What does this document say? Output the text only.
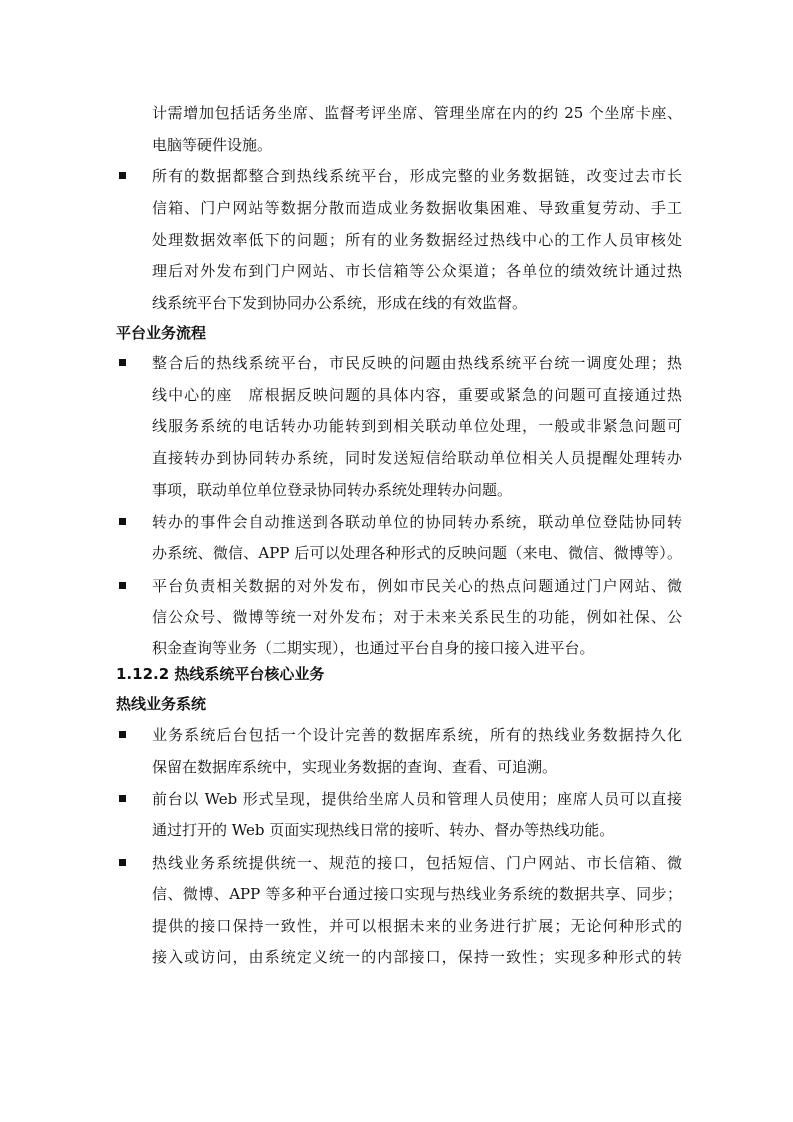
计需增加包括话务坐席、监督考评坐席、管理坐席在内的约 25 个坐席卡座、
电脑等硬件设施。
所有的数据都整合到热线系统平台，形成完整的业务数据链，改变过去市长
信箱、门户网站等数据分散而造成业务数据收集困难、导致重复劳动、手工
处理数据效率低下的问题；所有的业务数据经过热线中心的工作人员审核处
理后对外发布到门户网站、市长信箱等公众渠道；各单位的绩效统计通过热
线系统平台下发到协同办公系统，形成在线的有效监督。
平台业务流程
整合后的热线系统平台，市民反映的问题由热线系统平台统一调度处理；热
线中心的座　席根据反映问题的具体内容，重要或紧急的问题可直接通过热
线服务系统的电话转办功能转到到相关联动单位处理，一般或非紧急问题可
直接转办到协同转办系统，同时发送短信给联动单位相关人员提醒处理转办
事项，联动单位单位登录协同转办系统处理转办问题。
转办的事件会自动推送到各联动单位的协同转办系统，联动单位登陆协同转
办系统、微信、APP 后可以处理各种形式的反映问题（来电、微信、微博等）。
平台负责相关数据的对外发布，例如市民关心的热点问题通过门户网站、微
信公众号、微博等统一对外发布；对于未来关系民生的功能，例如社保、公
积金查询等业务（二期实现），也通过平台自身的接口接入进平台。
1.12.2 热线系统平台核心业务
热线业务系统
业务系统后台包括一个设计完善的数据库系统，所有的热线业务数据持久化
保留在数据库系统中，实现业务数据的查询、查看、可追溯。
前台以 Web 形式呈现，提供给坐席人员和管理人员使用；座席人员可以直接
通过打开的 Web 页面实现热线日常的接听、转办、督办等热线功能。
热线业务系统提供统一、规范的接口，包括短信、门户网站、市长信箱、微
信、微博、APP 等多种平台通过接口实现与热线业务系统的数据共享、同步；
提供的接口保持一致性，并可以根据未来的业务进行扩展；无论何种形式的
接入或访问，由系统定义统一的内部接口，保持一致性；实现多种形式的转
